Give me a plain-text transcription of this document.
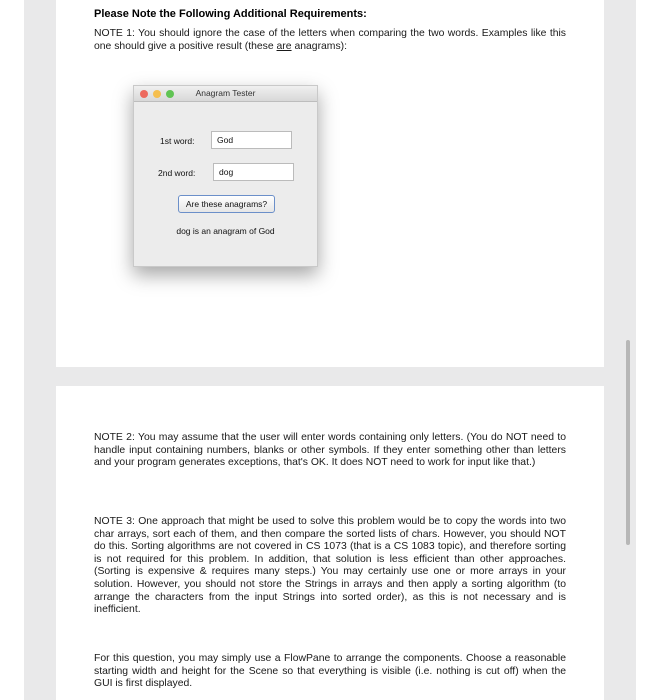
Please Note the Following Additional Requirements:
NOTE 1: You should ignore the case of the letters when comparing the two words. Examples like this one should give a positive result (these are anagrams):
Anagram Tester
1st word:	God
2nd word:	dog
Are these anagrams?
dog is an anagram of God
NOTE 2: You may assume that the user will enter words containing only letters. (You do NOT need to handle input containing numbers, blanks or other symbols. If they enter something other than letters and your program generates exceptions, that's OK. It does NOT need to work for input like that.)
NOTE 3: One approach that might be used to solve this problem would be to copy the words into two char arrays, sort each of them, and then compare the sorted lists of chars. However, you should NOT do this. Sorting algorithms are not covered in CS 1073 (that is a CS 1083 topic), and therefore sorting is not required for this problem. In addition, that solution is less efficient than other approaches. (Sorting is expensive & requires many steps.) You may certainly use one or more arrays in your solution. However, you should not store the Strings in arrays and then apply a sorting algorithm (to arrange the characters from the input Strings into sorted order), as this is not necessary and is inefficient.
For this question, you may simply use a FlowPane to arrange the components. Choose a reasonable starting width and height for the Scene so that everything is visible (i.e. nothing is cut off) when the GUI is first displayed.
